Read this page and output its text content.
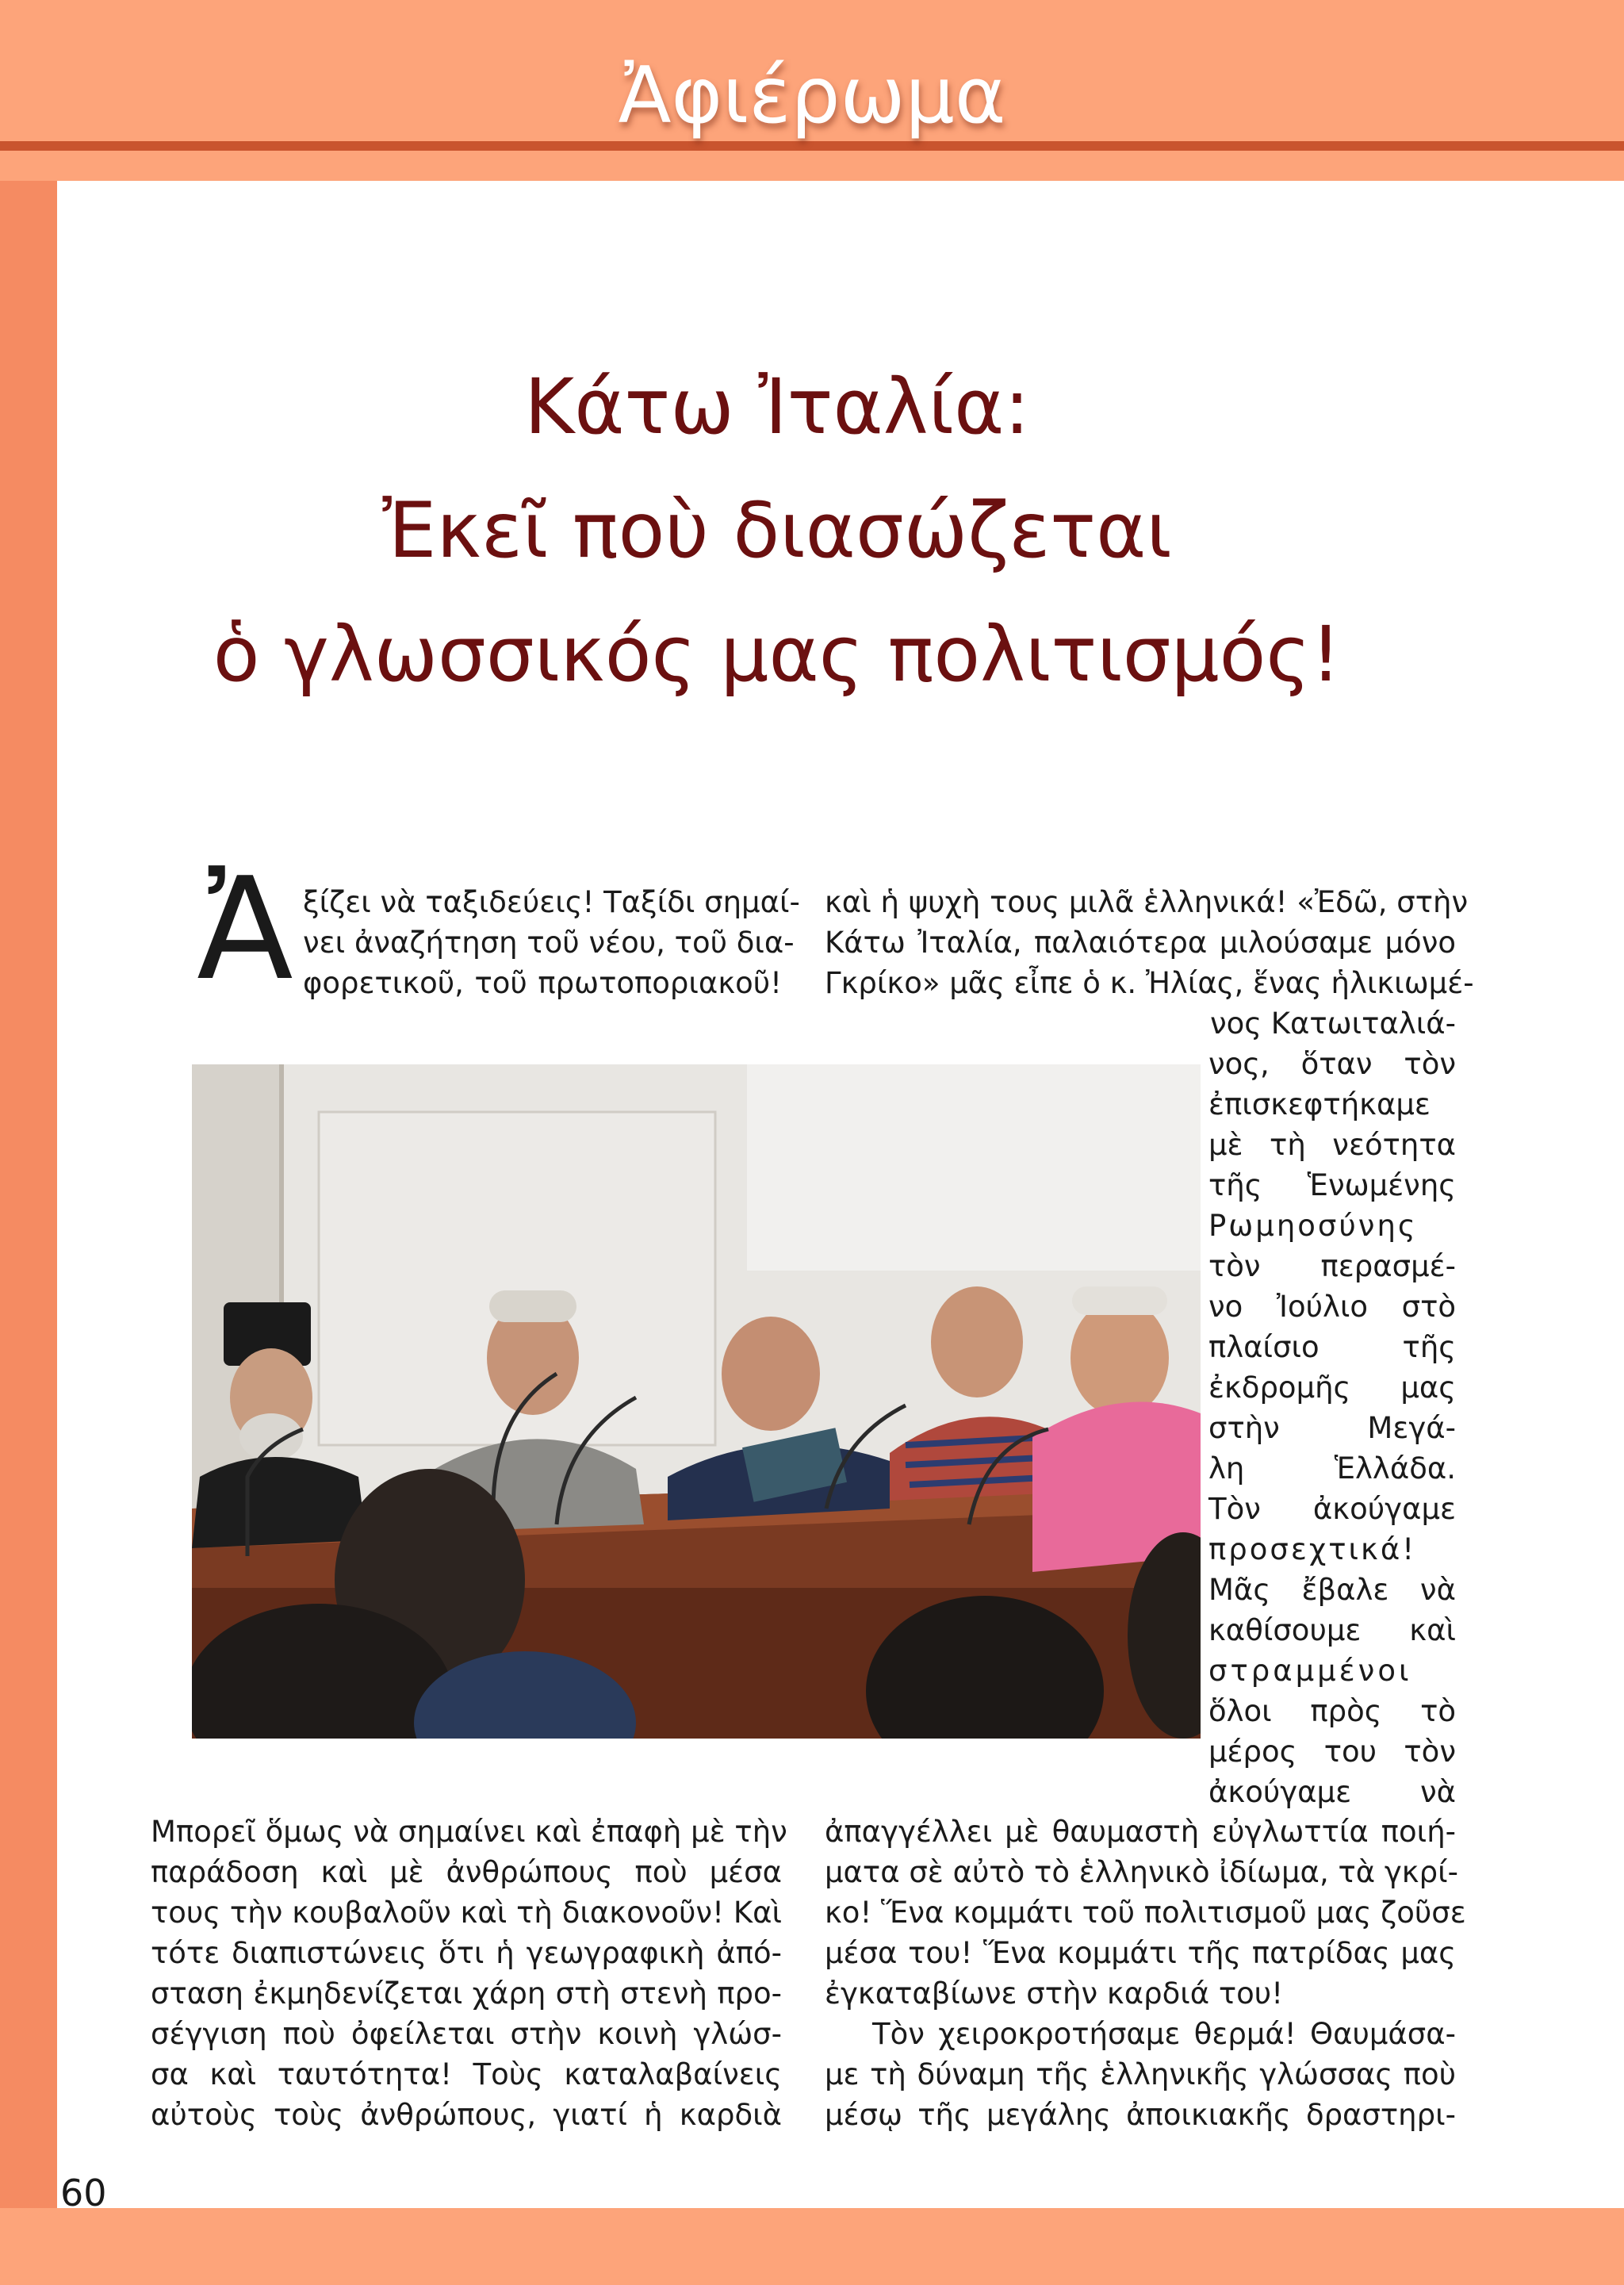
Ἀφιέρωμα
Κάτω Ἰταλία:
Ἐκεῖ ποὺ διασώζεται
ὁ γλωσσικός μας πολιτισμός!
Ἀ ξίζει νὰ ταξιδεύεις! Ταξίδι σημαί-
νει ἀναζήτηση τοῦ νέου, τοῦ δια-
φορετικοῦ, τοῦ πρωτοποριακοῦ!
καὶ ἡ ψυχὴ τους μιλᾶ ἑλληνικά! «Ἐδῶ, στὴν
Κάτω Ἰταλία, παλαιότερα μιλούσαμε μόνο
Γκρίκο» μᾶς εἶπε ὁ κ. Ἠλίας, ἕνας ἡλικιωμέ-
νος Κατωιταλιά-
νος, ὅταν τὸν
ἐπισκεφτήκαμε
μὲ τὴ νεότητα
τῆς Ἑνωμένης
Ρωμηοσύνης
τὸν περασμέ-
νο Ἰούλιο στὸ
πλαίσιο τῆς
ἐκδρομῆς μας
στὴν Μεγά-
λη Ἑλλάδα.
Τὸν ἀκούγαμε
προσεχτικά!
Μᾶς ἔβαλε νὰ
καθίσουμε καὶ
στραμμένοι
ὅλοι πρὸς τὸ
μέρος του τὸν
ἀκούγαμε νὰ
Μπορεῖ ὅμως νὰ σημαίνει καὶ ἐπαφὴ μὲ τὴν
παράδοση καὶ μὲ ἀνθρώπους ποὺ μέσα
τους τὴν κουβαλοῦν καὶ τὴ διακονοῦν! Καὶ
τότε διαπιστώνεις ὅτι ἡ γεωγραφικὴ ἀπό-
σταση ἐκμηδενίζεται χάρη στὴ στενὴ προ-
σέγγιση ποὺ ὀφείλεται στὴν κοινὴ γλώσ-
σα καὶ ταυτότητα! Τοὺς καταλαβαίνεις
αὐτοὺς τοὺς ἀνθρώπους, γιατί ἡ καρδιὰ
ἀπαγγέλλει μὲ θαυμαστὴ εὐγλωττία ποιή-
ματα σὲ αὐτὸ τὸ ἑλληνικὸ ἰδίωμα, τὰ γκρί-
κο! Ἕνα κομμάτι τοῦ πολιτισμοῦ μας ζοῦσε
μέσα του! Ἕνα κομμάτι τῆς πατρίδας μας
ἐγκαταβίωνε στὴν καρδιά του!
Τὸν χειροκροτήσαμε θερμά! Θαυμάσα-
με τὴ δύναμη τῆς ἑλληνικῆς γλώσσας ποὺ
μέσῳ τῆς μεγάλης ἀποικιακῆς δραστηρι-
60
